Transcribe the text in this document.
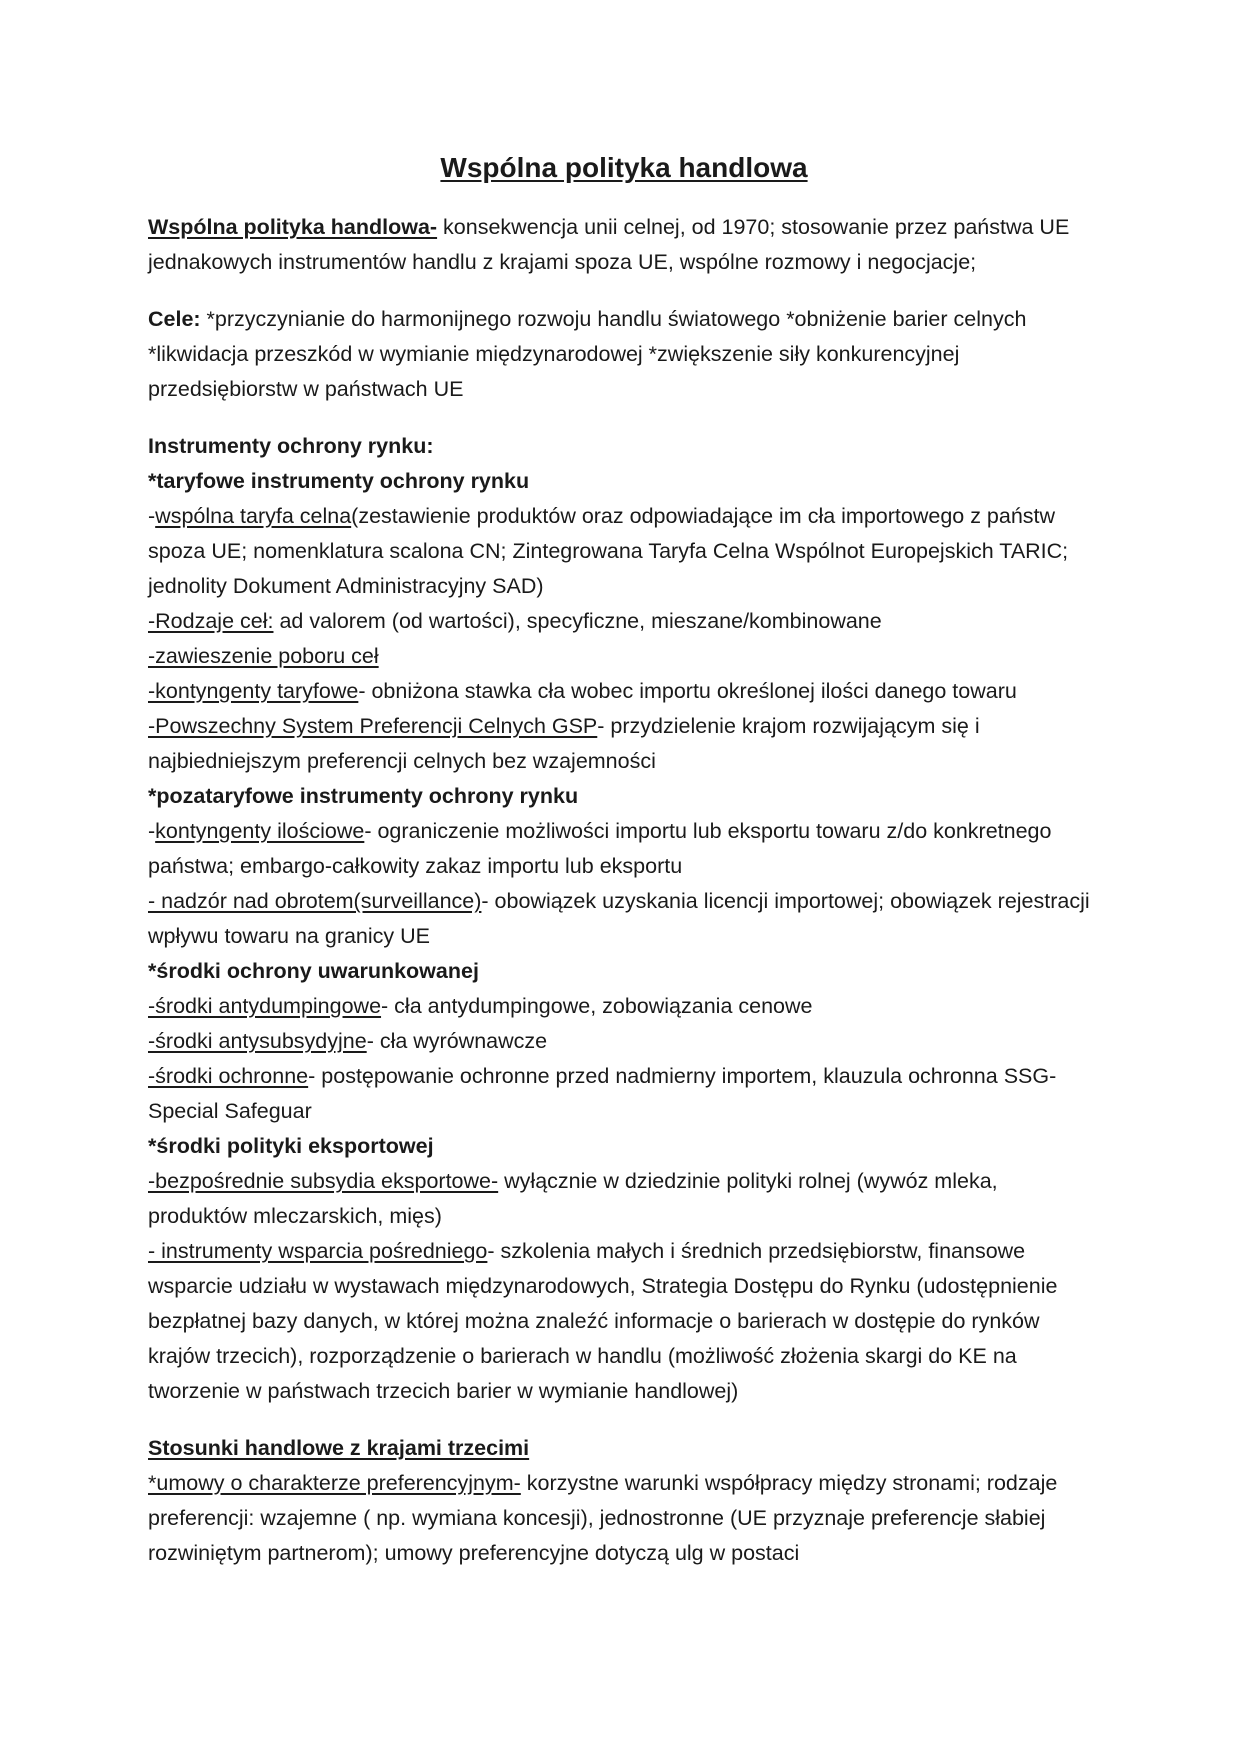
Wspólna polityka handlowa

Wspólna polityka handlowa- konsekwencja unii celnej, od 1970; stosowanie przez państwa UE jednakowych instrumentów handlu z krajami spoza UE, wspólne rozmowy i negocjacje;

Cele: *przyczynianie do harmonijnego rozwoju handlu światowego *obniżenie barier celnych *likwidacja przeszkód w wymianie międzynarodowej *zwiększenie siły konkurencyjnej przedsiębiorstw w państwach UE

Instrumenty ochrony rynku:

*taryfowe instrumenty ochrony rynku

-wspólna taryfa celna(zestawienie produktów oraz odpowiadające im cła importowego z państw spoza UE; nomenklatura scalona CN; Zintegrowana Taryfa Celna Wspólnot Europejskich TARIC; jednolity Dokument Administracyjny SAD)

-Rodzaje ceł: ad valorem (od wartości), specyficzne, mieszane/kombinowane

-zawieszenie poboru ceł

-kontyngenty taryfowe- obniżona stawka cła wobec importu określonej ilości danego towaru

-Powszechny System Preferencji Celnych GSP- przydzielenie krajom rozwijającym się i najbiedniejszym preferencji celnych bez wzajemności

*pozataryfowe instrumenty ochrony rynku

-kontyngenty ilościowe- ograniczenie możliwości importu lub eksportu towaru z/do konkretnego państwa; embargo-całkowity zakaz importu lub eksportu

- nadzór nad obrotem(surveillance)- obowiązek uzyskania licencji importowej; obowiązek rejestracji wpływu towaru na granicy UE

*środki ochrony uwarunkowanej

-środki antydumpingowe- cła antydumpingowe, zobowiązania cenowe

-środki antysubsydyjne- cła wyrównawcze

-środki ochronne- postępowanie ochronne przed nadmierny importem, klauzula ochronna SSG- Special Safeguar

*środki polityki eksportowej

-bezpośrednie subsydia eksportowe- wyłącznie w dziedzinie polityki rolnej (wywóz mleka, produktów mleczarskich, mięs)

- instrumenty wsparcia pośredniego- szkolenia małych i średnich przedsiębiorstw, finansowe wsparcie udziału w wystawach międzynarodowych, Strategia Dostępu do Rynku (udostępnienie bezpłatnej bazy danych, w której można znaleźć informacje o barierach w dostępie do rynków krajów trzecich), rozporządzenie o barierach w handlu (możliwość złożenia skargi do KE na tworzenie w państwach trzecich barier w wymianie handlowej)

Stosunki handlowe z krajami trzecimi

*umowy o charakterze preferencyjnym- korzystne warunki współpracy między stronami; rodzaje preferencji: wzajemne ( np. wymiana koncesji), jednostronne (UE przyznaje preferencje słabiej rozwiniętym partnerom); umowy preferencyjne dotyczą ulg w postaci
